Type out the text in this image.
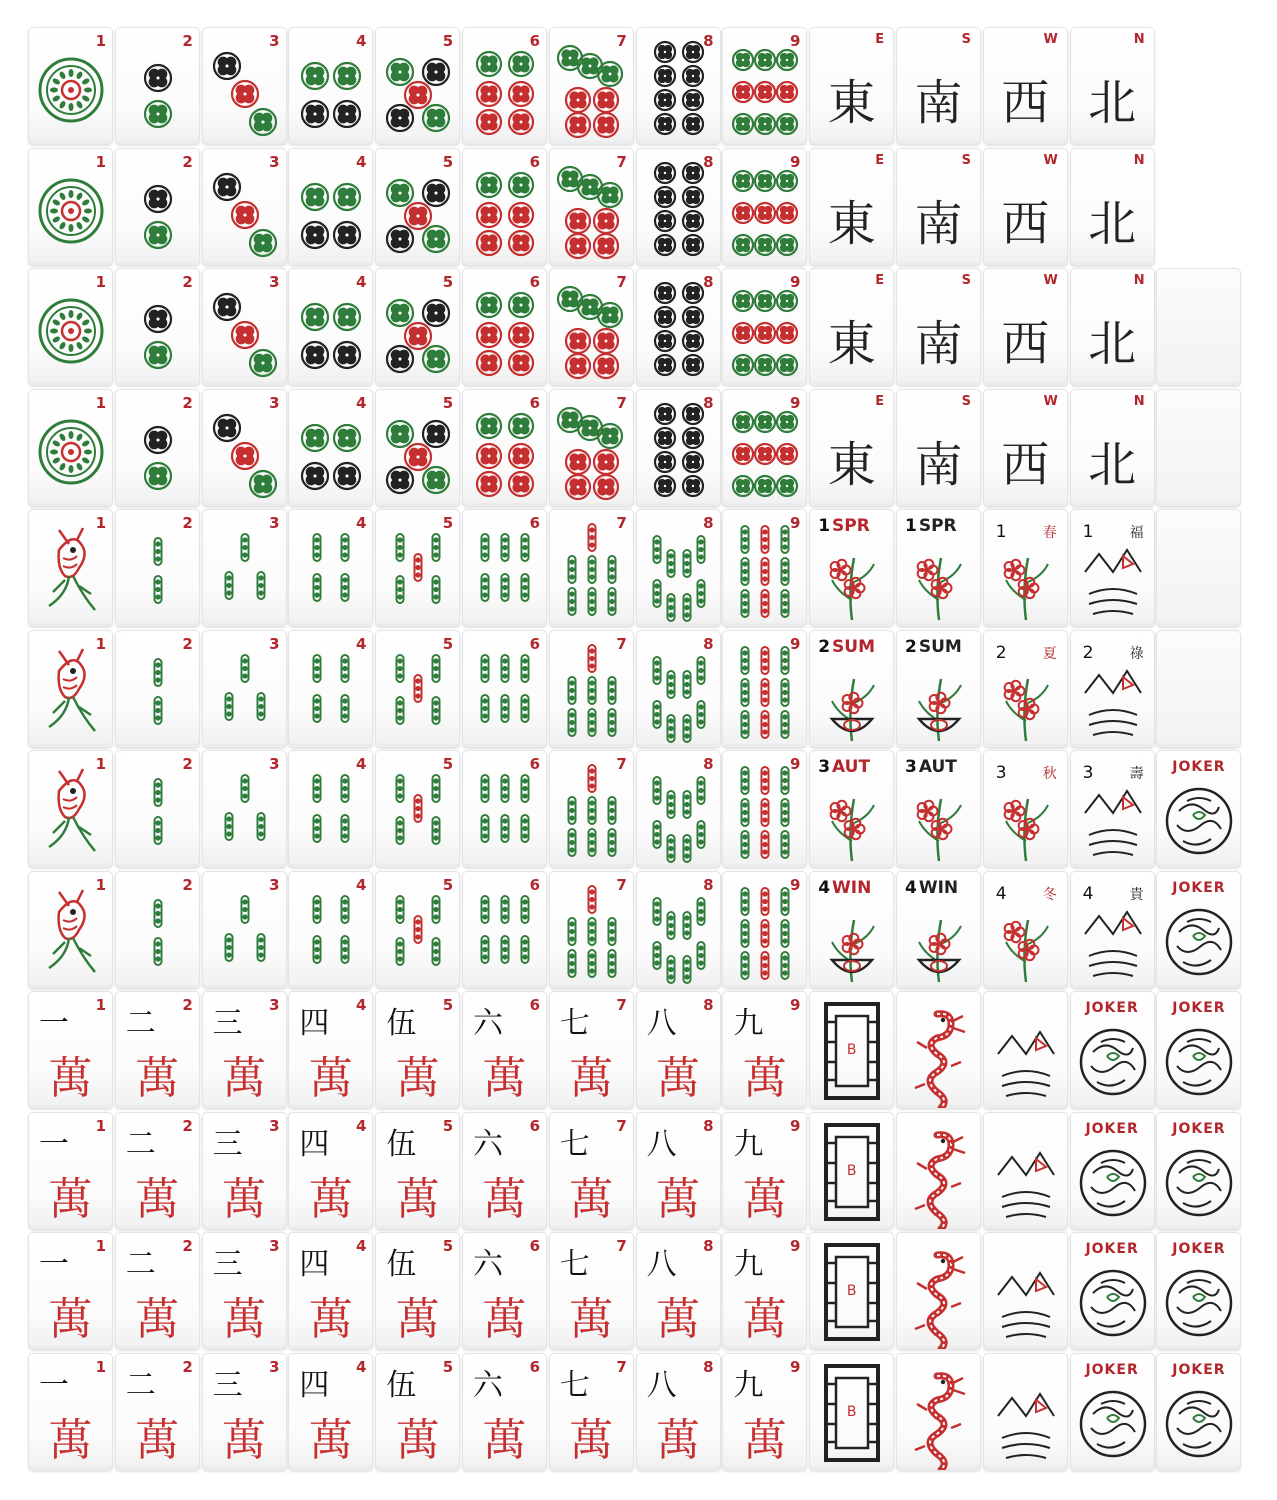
1	2	3	4	5	6	7	8	9
東
E
南
S
西
W
北
N
1	2	3	4	5	6	7	8	9
東
E
南
S
西
W
北
N
1	2	3	4	5	6	7	8	9
東
E
南
S
西
W
北
N
1	2	3	4	5	6	7	8	9
東
E
南
S
西
W
北
N
1	2	3	4	5	6	7	8	9 1 SPR 1 SPR 1	春 1	福
1	2	3	4	5	6	7	8	9 2 SUM 2 SUM 2	夏 2	祿
1	2	3	4	5	6	7	8	9 3 AUT 3 AUT 3	秋 3	壽	JOKER
1	2	3	4	5	6	7	8	9 4 WIN 4 WIN 4	冬 4	貴	JOKER
一
萬
1
二
萬
2
三
萬
3
四
萬
4
伍
萬
5
六
萬
6
七
萬
7
八
萬
8
九
萬
9
B
JOKER	JOKER
一
萬
1
二
萬
2
三
萬
3
四
萬
4
伍
萬
5
六
萬
6
七
萬
7
八
萬
8
九
萬
9
B
JOKER	JOKER
一
萬
1
二
萬
2
三
萬
3
四
萬
4
伍
萬
5
六
萬
6
七
萬
7
八
萬
8
九
萬
9
B
JOKER	JOKER
一
萬
1
二
萬
2
三
萬
3
四
萬
4
伍
萬
5
六
萬
6
七
萬
7
八
萬
8
九
萬
9
B
JOKER	JOKER
